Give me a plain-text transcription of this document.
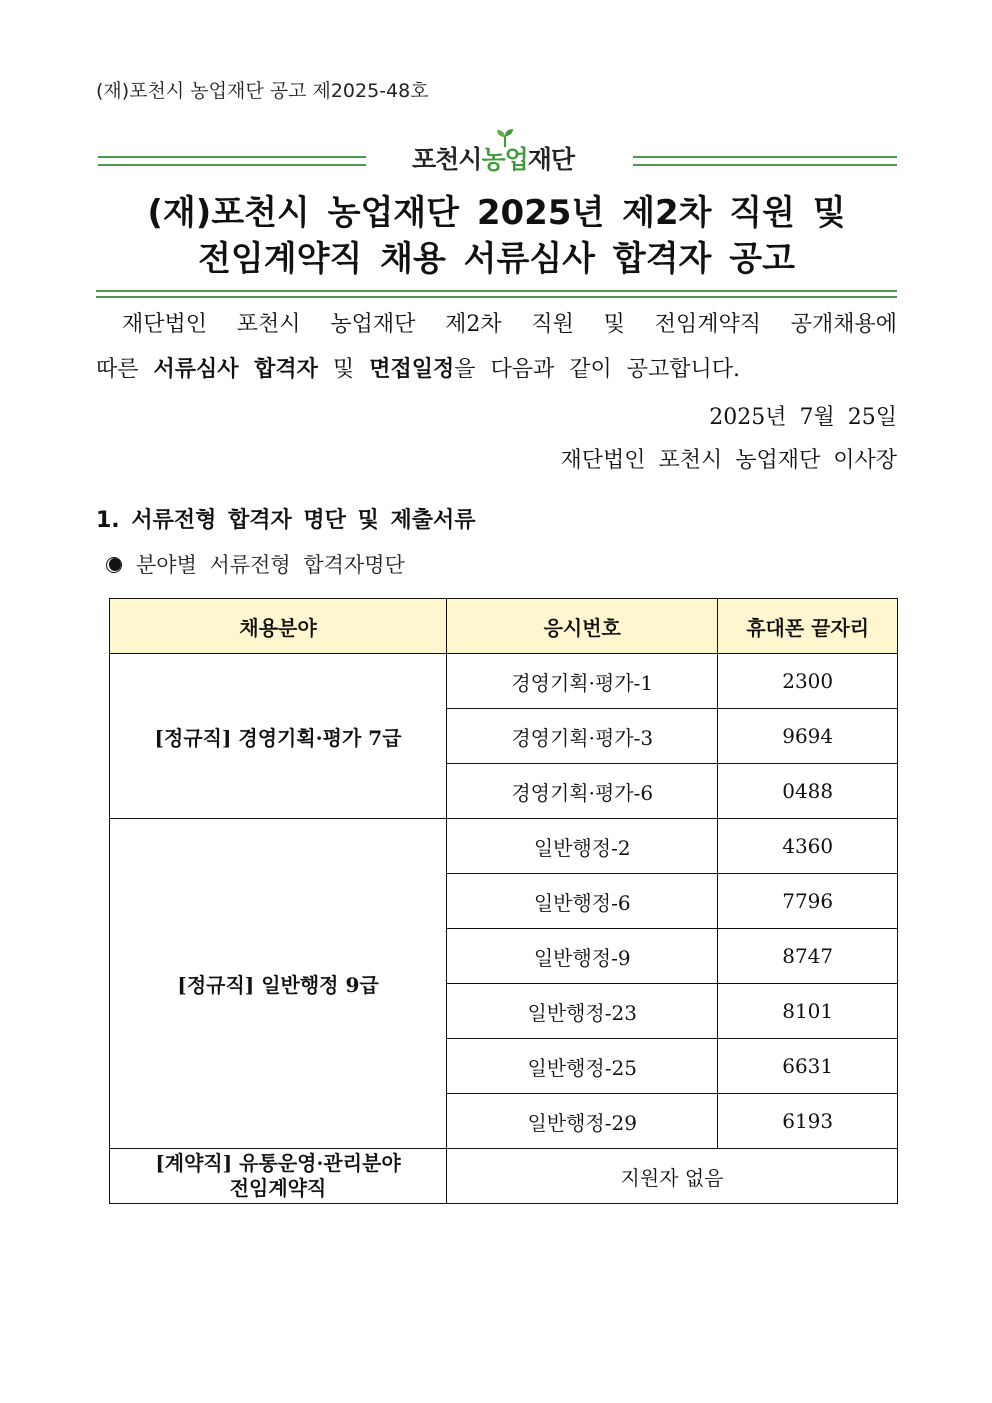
(재)포천시 농업재단 공고 제2025-48호
포천시농업재단
(재)포천시 농업재단 2025년 제2차 직원 및
전임계약직 채용 서류심사 합격자 공고
재단법인 포천시 농업재단 제2차 직원 및 전임계약직 공개채용에
따른 서류심사 합격자 및 면접일정을 다음과 같이 공고합니다.
2025년 7월 25일
재단법인 포천시 농업재단 이사장
1. 서류전형 합격자 명단 및 제출서류
분야별 서류전형 합격자명단
채용분야	응시번호	휴대폰 끝자리
[정규직] 경영기획·평가 7급	경영기획·평가-1	2300
	경영기획·평가-3	9694
	경영기획·평가-6	0488
[정규직] 일반행정 9급	일반행정-2	4360
	일반행정-6	7796
	일반행정-9	8747
	일반행정-23	8101
	일반행정-25	6631
	일반행정-29	6193

[계약직] 유통운영·관리분야
전임계약직	지원자 없음	
